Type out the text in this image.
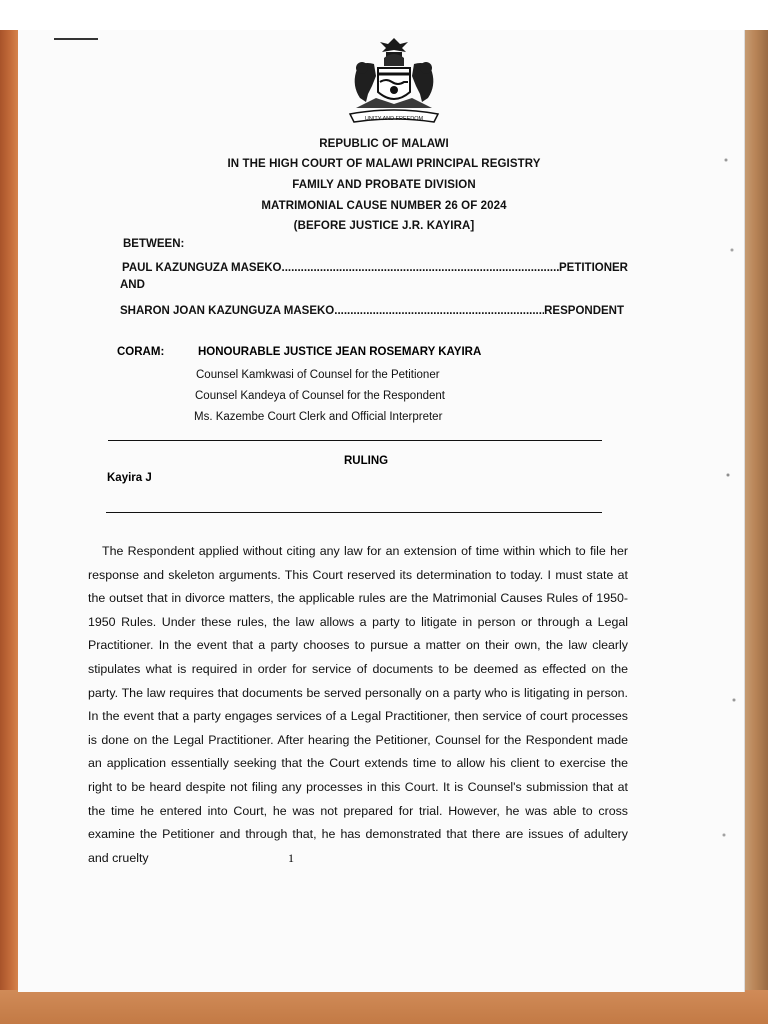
UNITY AND FREEDOM
REPUBLIC OF MALAWI
IN THE HIGH COURT OF MALAWI PRINCIPAL REGISTRY
FAMILY AND PROBATE DIVISION
MATRIMONIAL CAUSE NUMBER 26 OF 2024
(BEFORE JUSTICE J.R. KAYIRA]
BETWEEN:
PAUL KAZUNGUZA MASEKO .....	PETITIONER
AND
SHARON JOAN KAZUNGUZA MASEKO .....	RESPONDENT
CORAM:	HONOURABLE JUSTICE JEAN ROSEMARY KAYIRA
Counsel Kamkwasi of Counsel for the Petitioner
Counsel Kandeya of Counsel for the Respondent
Ms. Kazembe Court Clerk and Official Interpreter
RULING
Kayira J
The Respondent applied without citing any law for an extension of time within which to file her response and skeleton arguments. This Court reserved its determination to today. I must state at the outset that in divorce matters, the applicable rules are the Matrimonial Causes Rules of 1950-1950 Rules. Under these rules, the law allows a party to litigate in person or through a Legal Practitioner. In the event that a party chooses to pursue a matter on their own, the law clearly stipulates what is required in order for service of documents to be deemed as effected on the party. The law requires that documents be served personally on a party who is litigating in person. In the event that a party engages services of a Legal Practitioner, then service of court processes is done on the Legal Practitioner. After hearing the Petitioner, Counsel for the Respondent made an application essentially seeking that the Court extends time to allow his client to exercise the right to be heard despite not filing any processes in this Court. It is Counsel's submission that at the time he entered into Court, he was not prepared for trial. However, he was able to cross examine the Petitioner and through that, he has demonstrated that there are issues of adultery and cruelty	1
